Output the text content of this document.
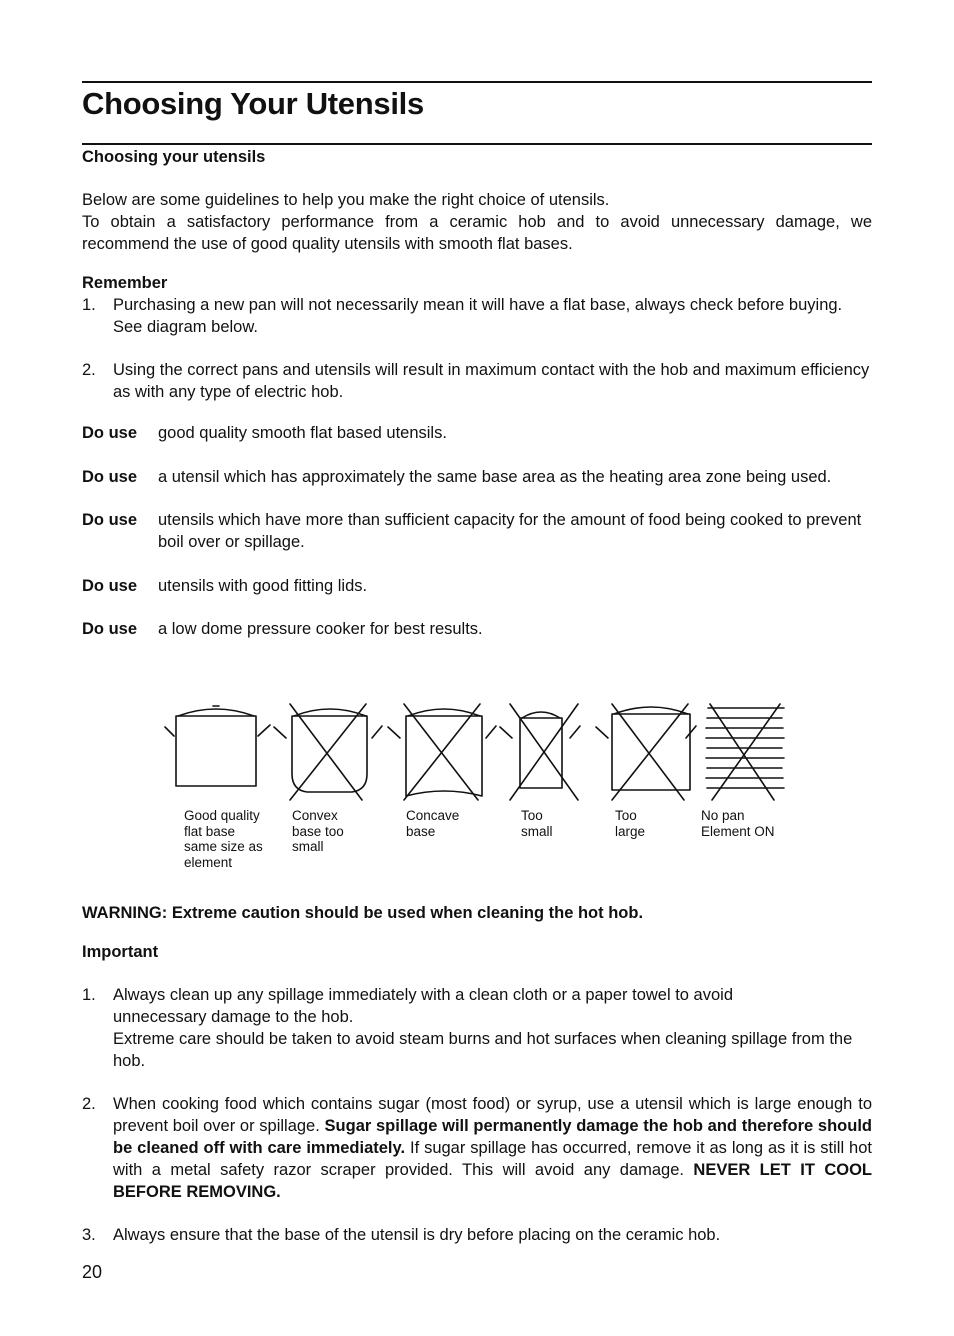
Choosing Your Utensils
Choosing your utensils
Below are some guidelines to help you make the right choice of utensils.
To obtain a satisfactory performance from a ceramic hob and to avoid unnecessary damage, we recommend the use of good quality utensils with smooth flat bases.
Remember
1. Purchasing a new pan will not necessarily mean it will have a flat base, always check before buying. See diagram below.

2. Using the correct pans and utensils will result in maximum contact with the hob and maximum efficiency as with any type of electric hob.

Do use good quality smooth flat based utensils.

Do use a utensil which has approximately the same base area as the heating area zone being used.

Do use utensils which have more than sufficient capacity for the amount of food being cooked to prevent boil over or spillage.

Do use utensils with good fitting lids.

Do use a low dome pressure cooker for best results.

Good quality
flat base
same size as
element
Convex
base too
small
Concave
base
Too
small
Too
large
No pan
Element ON
WARNING: Extreme caution should be used when cleaning the hot hob.
Important
1. Always clean up any spillage immediately with a clean cloth or a paper towel to avoid unnecessary damage to the hob.
Extreme care should be taken to avoid steam burns and hot surfaces when cleaning spillage from the hob.
2. When cooking food which contains sugar (most food) or syrup, use a utensil which is large enough to prevent boil over or spillage. Sugar spillage will permanently damage the hob and therefore should be cleaned off with care immediately. If sugar spillage has occurred, remove it as long as it is still hot with a metal safety razor scraper provided. This will avoid any damage. NEVER LET IT COOL BEFORE REMOVING.

3. Always ensure that the base of the utensil is dry before placing on the ceramic hob.

20
